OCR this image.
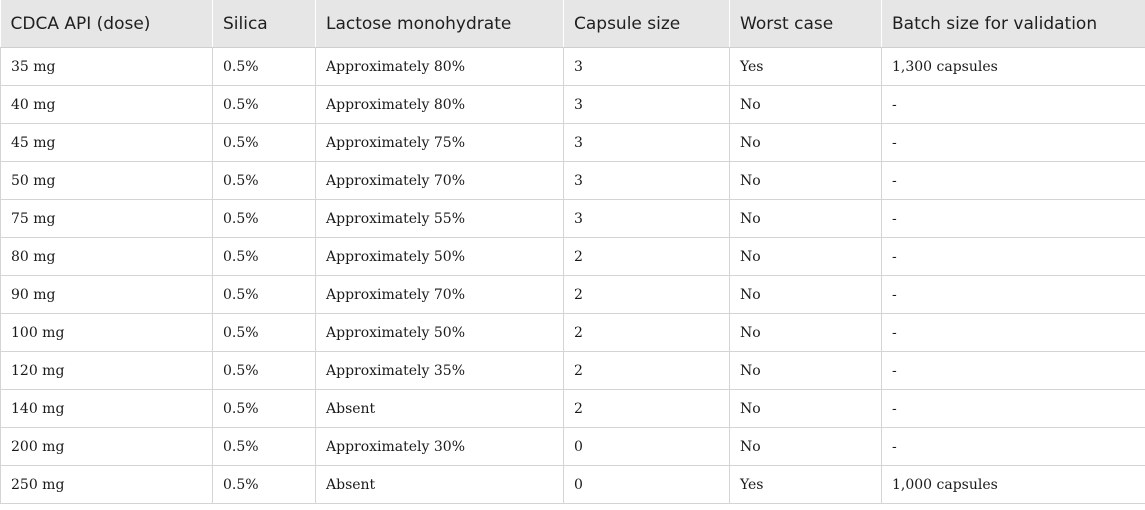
CDCA API (dose)	Silica	Lactose monohydrate	Capsule size	Worst case	Batch size for validation
35 mg	0.5%	Approximately 80%	3	Yes	1,300 capsules
40 mg	0.5%	Approximately 80%	3	No	-
45 mg	0.5%	Approximately 75%	3	No	-
50 mg	0.5%	Approximately 70%	3	No	-
75 mg	0.5%	Approximately 55%	3	No	-
80 mg	0.5%	Approximately 50%	2	No	-
90 mg	0.5%	Approximately 70%	2	No	-
100 mg	0.5%	Approximately 50%	2	No	-
120 mg	0.5%	Approximately 35%	2	No	-
140 mg	0.5%	Absent	2	No	-
200 mg	0.5%	Approximately 30%	0	No	-
250 mg	0.5%	Absent	0	Yes	1,000 capsules
